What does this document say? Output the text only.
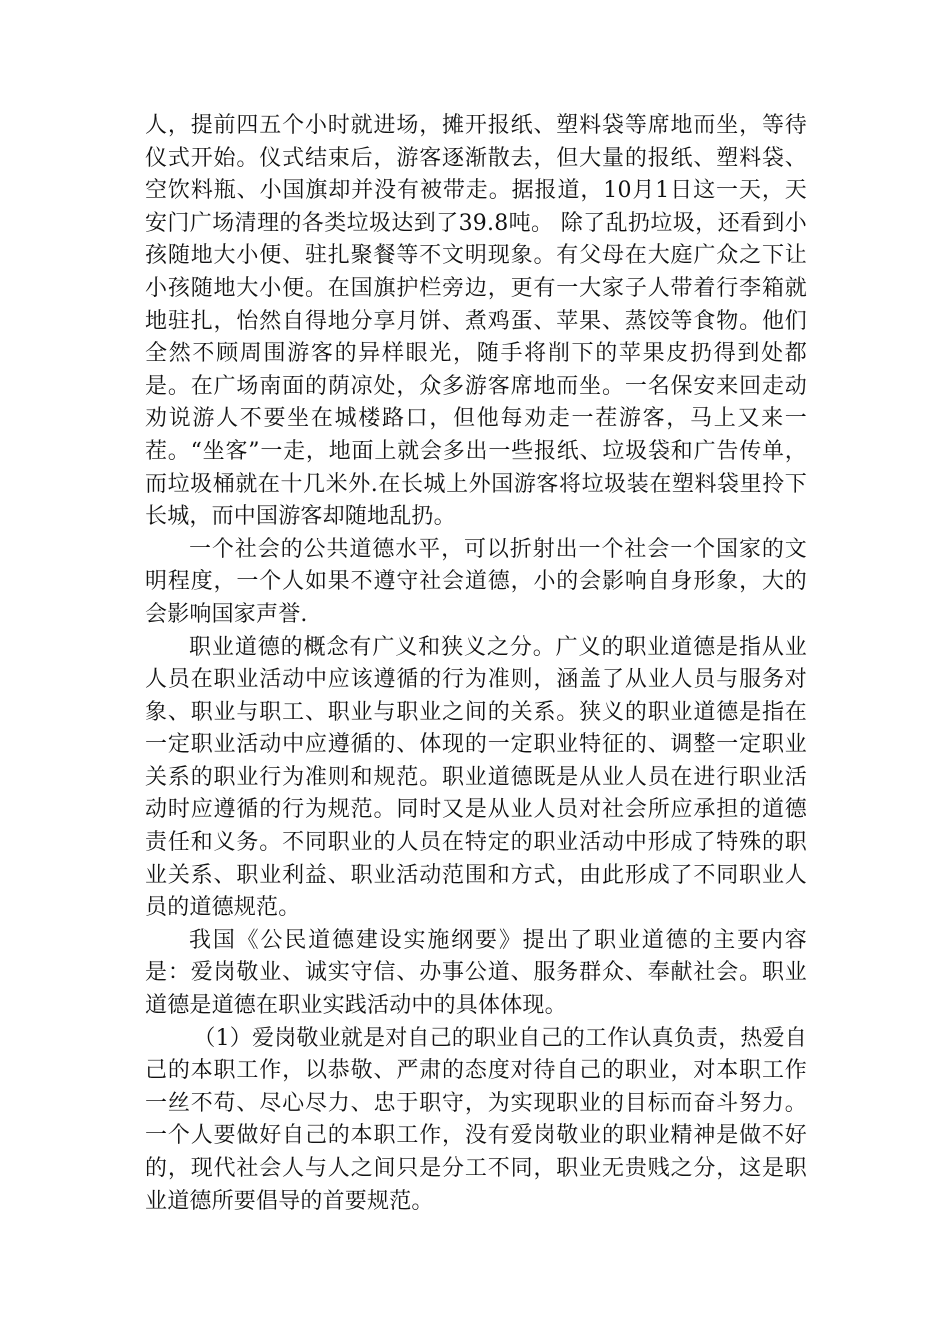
人，提前四五个小时就进场，摊开报纸、塑料袋等席地而坐，等待仪式开始。仪式结束后，游客逐渐散去，但大量的报纸、塑料袋、空饮料瓶、小国旗却并没有被带走。据报道，10月1日这一天，天安门广场清理的各类垃圾达到了39.8吨。 除了乱扔垃圾，还看到小孩随地大小便、驻扎聚餐等不文明现象。有父母在大庭广众之下让小孩随地大小便。在国旗护栏旁边，更有一大家子人带着行李箱就地驻扎，怡然自得地分享月饼、煮鸡蛋、苹果、蒸饺等食物。他们全然不顾周围游客的异样眼光，随手将削下的苹果皮扔得到处都是。在广场南面的荫凉处，众多游客席地而坐。一名保安来回走动劝说游人不要坐在城楼路口，但他每劝走一茬游客，马上又来一茬。“坐客”一走，地面上就会多出一些报纸、垃圾袋和广告传单，而垃圾桶就在十几米外.在长城上外国游客将垃圾装在塑料袋里拎下长城，而中国游客却随地乱扔。

一个社会的公共道德水平，可以折射出一个社会一个国家的文明程度，一个人如果不遵守社会道德，小的会影响自身形象，大的会影响国家声誉.

职业道德的概念有广义和狭义之分。广义的职业道德是指从业人员在职业活动中应该遵循的行为准则，涵盖了从业人员与服务对象、职业与职工、职业与职业之间的关系。狭义的职业道德是指在一定职业活动中应遵循的、体现的一定职业特征的、调整一定职业关系的职业行为准则和规范。职业道德既是从业人员在进行职业活动时应遵循的行为规范。同时又是从业人员对社会所应承担的道德责任和义务。不同职业的人员在特定的职业活动中形成了特殊的职业关系、职业利益、职业活动范围和方式，由此形成了不同职业人员的道德规范。

我国《公民道德建设实施纲要》提出了职业道德的主要内容是：爱岗敬业、诚实守信、办事公道、服务群众、奉献社会。职业道德是道德在职业实践活动中的具体体现。

（1）爱岗敬业就是对自己的职业自己的工作认真负责，热爱自己的本职工作，以恭敬、严肃的态度对待自己的职业，对本职工作一丝不苟、尽心尽力、忠于职守，为实现职业的目标而奋斗努力。一个人要做好自己的本职工作，没有爱岗敬业的职业精神是做不好的，现代社会人与人之间只是分工不同，职业无贵贱之分，这是职业道德所要倡导的首要规范。
